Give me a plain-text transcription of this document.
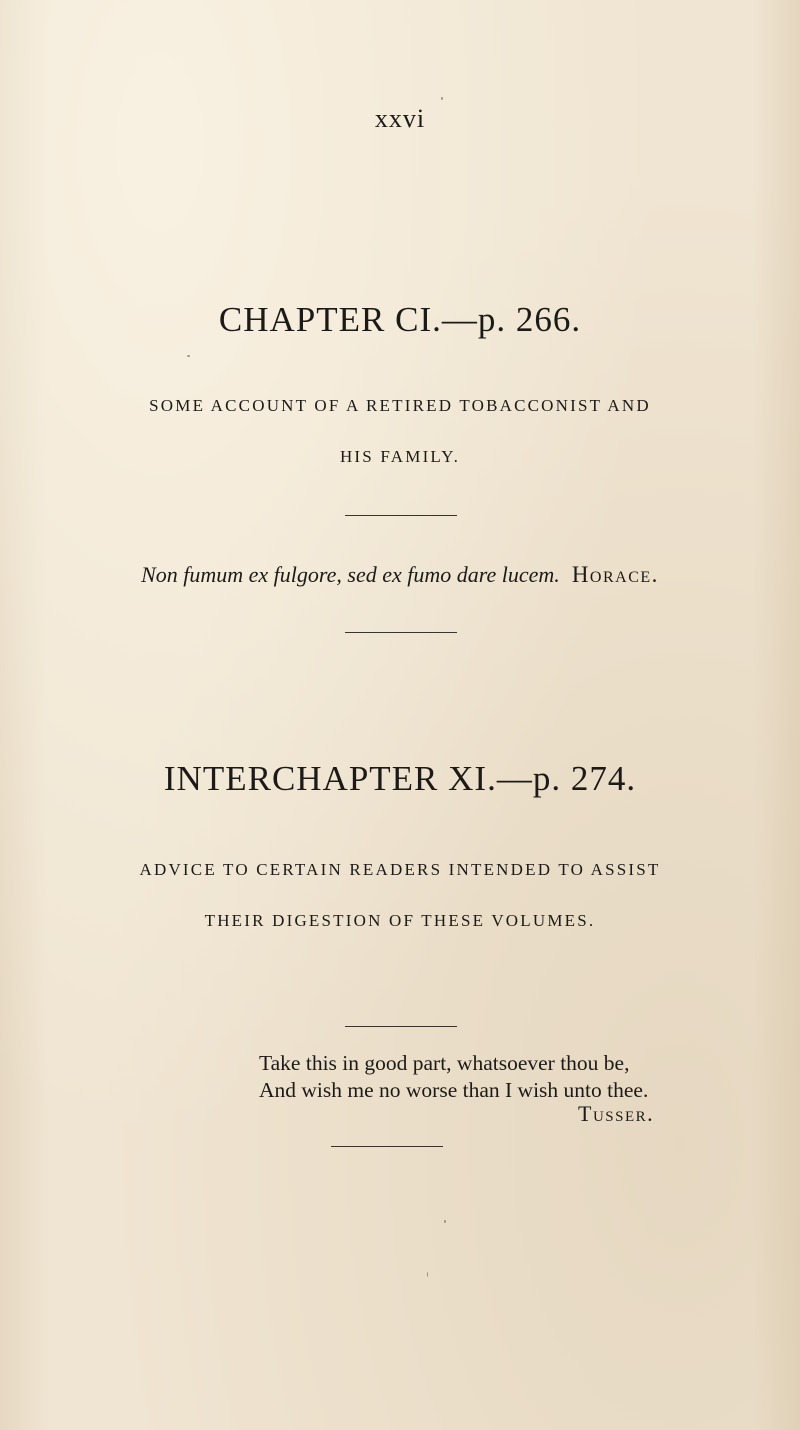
xxvi
CHAPTER CI.—p. 266.
SOME ACCOUNT OF A RETIRED TOBACCONIST AND
HIS FAMILY.
Non fumum ex fulgore, sed ex fumo dare lucem. Horace.
INTERCHAPTER XI.—p. 274.
ADVICE TO CERTAIN READERS INTENDED TO ASSIST
THEIR DIGESTION OF THESE VOLUMES.
Take this in good part, whatsoever thou be,
And wish me no worse than I wish unto thee.
Tusser.
